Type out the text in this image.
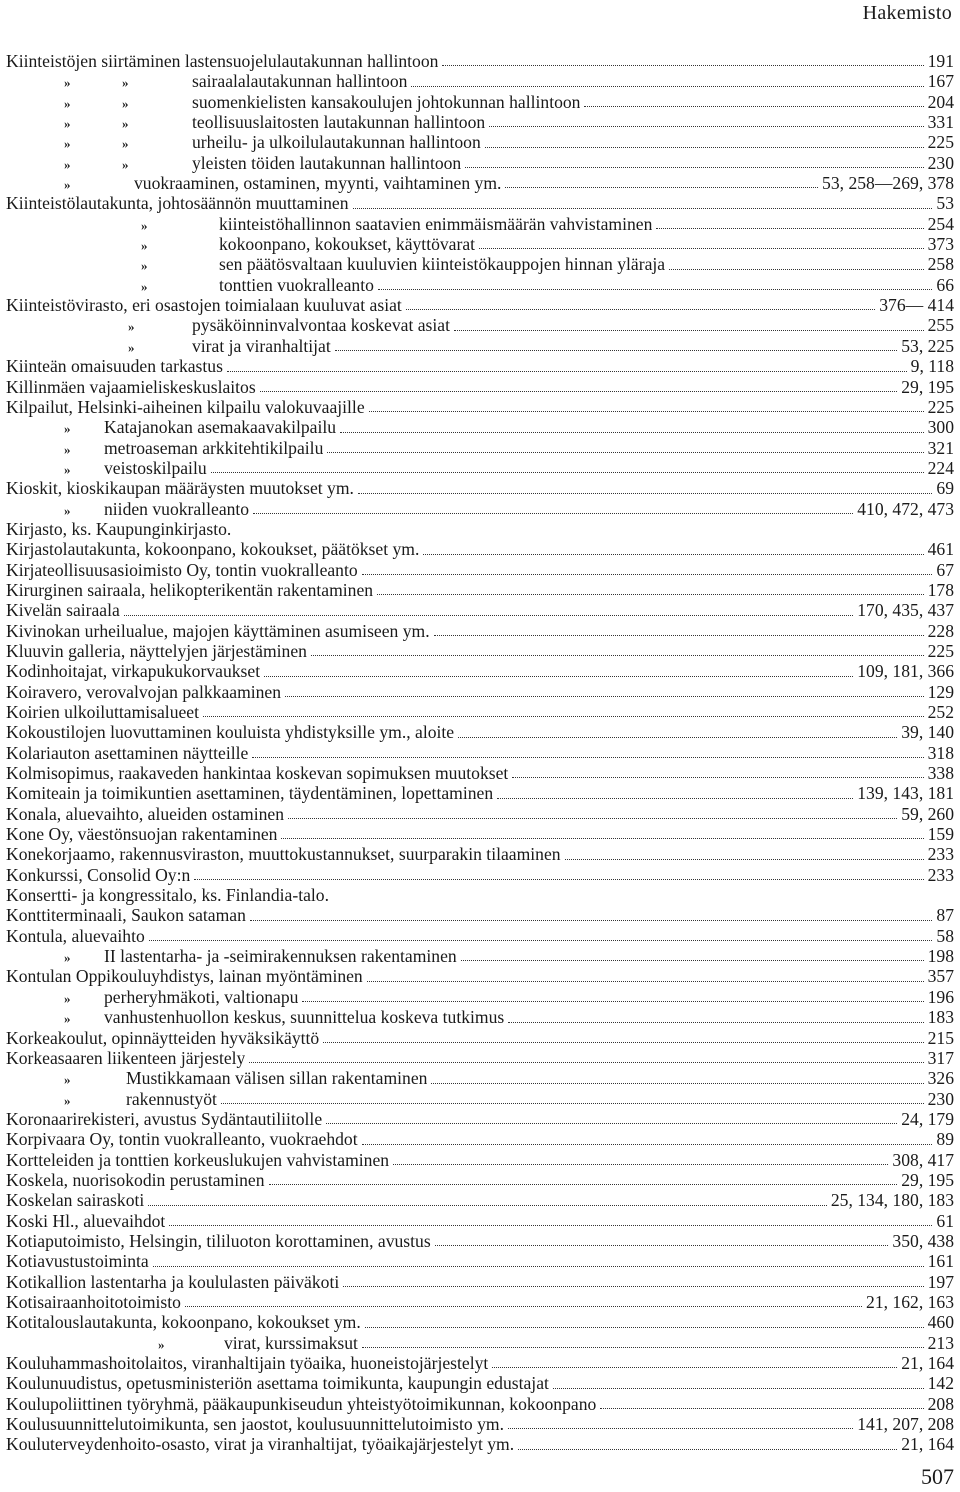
Hakemisto
Kiinteistöjen siirtäminen lastensuojelulautakunnan hallintoon	191
»	»	sairaalalautakunnan hallintoon	167
»	»	suomenkielisten kansakoulujen johtokunnan hallintoon	204
»	»	teollisuuslaitosten lautakunnan hallintoon	331
»	»	urheilu- ja ulkoilulautakunnan hallintoon	225
»	»	yleisten töiden lautakunnan hallintoon	230
»	vuokraaminen, ostaminen, myynti, vaihtaminen ym.	53, 258—269, 378
Kiinteistölautakunta, johtosäännön muuttaminen	53
»	kiinteistöhallinnon saatavien enimmäismäärän vahvistaminen	254
»	kokoonpano, kokoukset, käyttövarat	373
»	sen päätösvaltaan kuuluvien kiinteistökauppojen hinnan yläraja	258
»	tonttien vuokralleanto	66
Kiinteistövirasto, eri osastojen toimialaan kuuluvat asiat	376— 414
»	pysäköinninvalvontaa koskevat asiat	255
»	virat ja viranhaltijat	53, 225
Kiinteän omaisuuden tarkastus	9, 118
Killinmäen vajaamieliskeskuslaitos	29, 195
Kilpailut, Helsinki-aiheinen kilpailu valokuvaajille	225
»	Katajanokan asemakaavakilpailu	300
»	metroaseman arkkitehtikilpailu	321
»	veistoskilpailu	224
Kioskit, kioskikaupan määräysten muutokset ym.	69
»	niiden vuokralleanto	410, 472, 473
Kirjasto, ks. Kaupunginkirjasto.
Kirjastolautakunta, kokoonpano, kokoukset, päätökset ym.	461
Kirjateollisuusasioimisto Oy, tontin vuokralleanto	67
Kirurginen sairaala, helikopterikentän rakentaminen	178
Kivelän sairaala	170, 435, 437
Kivinokan urheilualue, majojen käyttäminen asumiseen ym.	228
Kluuvin galleria, näyttelyjen järjestäminen	225
Kodinhoitajat, virkapukukorvaukset	109, 181, 366
Koiravero, verovalvojan palkkaaminen	129
Koirien ulkoiluttamisalueet	252
Kokoustilojen luovuttaminen kouluista yhdistyksille ym., aloite	39, 140
Kolariauton asettaminen näytteille	318
Kolmisopimus, raakaveden hankintaa koskevan sopimuksen muutokset	338
Komiteain ja toimikuntien asettaminen, täydentäminen, lopettaminen	139, 143, 181
Konala, aluevaihto, alueiden ostaminen	59, 260
Kone Oy, väestönsuojan rakentaminen	159
Konekorjaamo, rakennusviraston, muuttokustannukset, suurparakin tilaaminen	233
Konkurssi, Consolid Oy:n	233
Konsertti- ja kongressitalo, ks. Finlandia-talo.
Konttiterminaali, Saukon sataman	87
Kontula, aluevaihto	58
»	II lastentarha- ja -seimirakennuksen rakentaminen	198
Kontulan Oppikouluyhdistys, lainan myöntäminen	357
»	perheryhmäkoti, valtionapu	196
»	vanhustenhuollon keskus, suunnittelua koskeva tutkimus	183
Korkeakoulut, opinnäytteiden hyväksikäyttö	215
Korkeasaaren liikenteen järjestely	317
»	Mustikkamaan välisen sillan rakentaminen	326
»	rakennustyöt	230
Koronaarirekisteri, avustus Sydäntautiliitolle	24, 179
Korpivaara Oy, tontin vuokralleanto, vuokraehdot	89
Kortteleiden ja tonttien korkeuslukujen vahvistaminen	308, 417
Koskela, nuorisokodin perustaminen	29, 195
Koskelan sairaskoti	25, 134, 180, 183
Koski Hl., aluevaihdot	61
Kotiaputoimisto, Helsingin, tililuoton korottaminen, avustus	350, 438
Kotiavustustoiminta	161
Kotikallion lastentarha ja koululasten päiväkoti	197
Kotisairaanhoitotoimisto	21, 162, 163
Kotitalouslautakunta, kokoonpano, kokoukset ym.	460
»	virat, kurssimaksut	213
Kouluhammashoitolaitos, viranhaltijain työaika, huoneistojärjestelyt	21, 164
Koulunuudistus, opetusministeriön asettama toimikunta, kaupungin edustajat	142
Koulupoliittinen työryhmä, pääkaupunkiseudun yhteistyötoimikunnan, kokoonpano	208
Koulusuunnittelutoimikunta, sen jaostot, koulusuunnittelutoimisto ym.	141, 207, 208
Kouluterveydenhoito-osasto, virat ja viranhaltijat, työaikajärjestelyt ym.	21, 164
507
